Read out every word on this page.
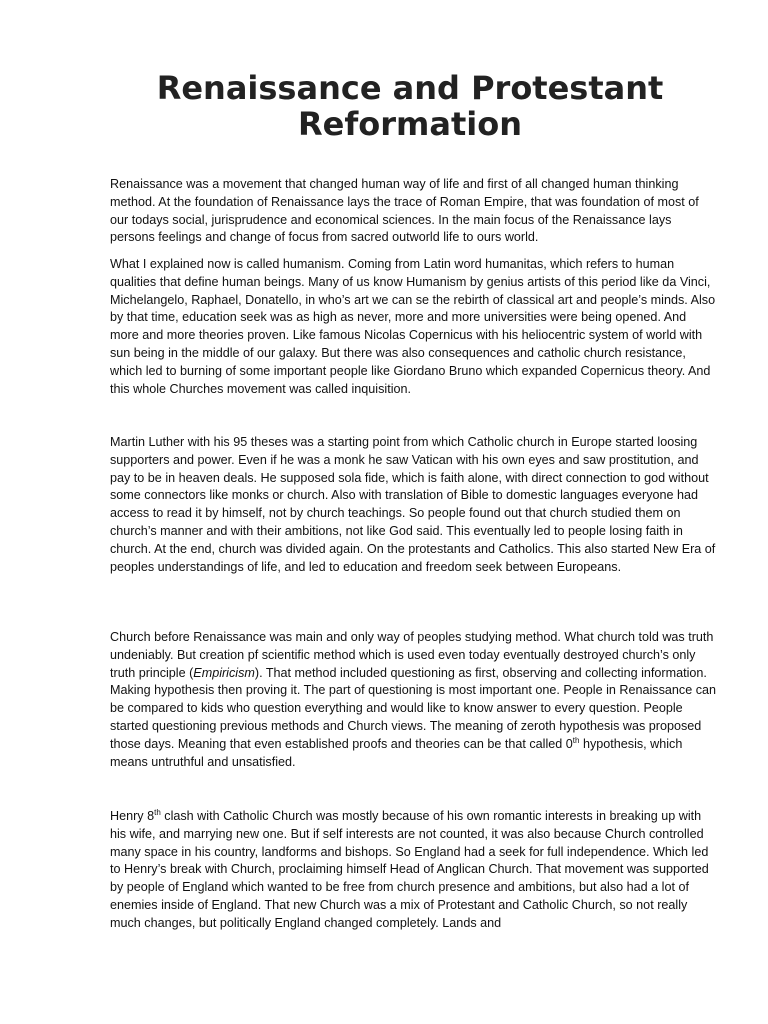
Renaissance and Protestant Reformation

Renaissance was a movement that changed human way of life and first of all changed human thinking method. At the foundation of Renaissance lays the trace of Roman Empire, that was foundation of most of our todays social, jurisprudence and economical sciences. In the main focus of the Renaissance lays persons feelings and change of focus from sacred outworld life to ours world.

What I explained now is called humanism. Coming from Latin word humanitas, which refers to human qualities that define human beings. Many of us know Humanism by genius artists of this period like da Vinci, Michelangelo, Raphael, Donatello, in who’s art we can se the rebirth of classical art and people’s minds. Also by that time, education seek was as high as never, more and more universities were being opened. And more and more theories proven. Like famous Nicolas Copernicus with his heliocentric system of world with sun being in the middle of our galaxy. But there was also consequences and catholic church resistance, which led to burning of some important people like Giordano Bruno which expanded Copernicus theory. And this whole Churches movement was called inquisition.

Martin Luther with his 95 theses was a starting point from which Catholic church in Europe started loosing supporters and power. Even if he was a monk he saw Vatican with his own eyes and saw prostitution, and pay to be in heaven deals. He supposed sola fide, which is faith alone, with direct connection to god without some connectors like monks or church. Also with translation of Bible to domestic languages everyone had access to read it by himself, not by church teachings. So people found out that church studied them on church’s manner and with their ambitions, not like God said. This eventually led to people losing faith in church. At the end, church was divided again. On the protestants and Catholics. This also started New Era of peoples understandings of life, and led to education and freedom seek between Europeans.

Church before Renaissance was main and only way of peoples studying method. What church told was truth undeniably. But creation pf scientific method which is used even today eventually destroyed church’s only truth principle (Empiricism). That method included questioning as first, observing and collecting information. Making hypothesis then proving it. The part of questioning is most important one. People in Renaissance can be compared to kids who question everything and would like to know answer to every question. People started questioning previous methods and Church views. The meaning of zeroth hypothesis was proposed those days. Meaning that even established proofs and theories can be that called 0th hypothesis, which means untruthful and unsatisfied.

Henry 8th clash with Catholic Church was mostly because of his own romantic interests in breaking up with his wife, and marrying new one. But if self interests are not counted, it was also because Church controlled many space in his country, landforms and bishops. So England had a seek for full independence. Which led to Henry’s break with Church, proclaiming himself Head of Anglican Church. That movement was supported by people of England which wanted to be free from church presence and ambitions, but also had a lot of enemies inside of England. That new Church was a mix of Protestant and Catholic Church, so not really much changes, but politically England changed completely. Lands and
